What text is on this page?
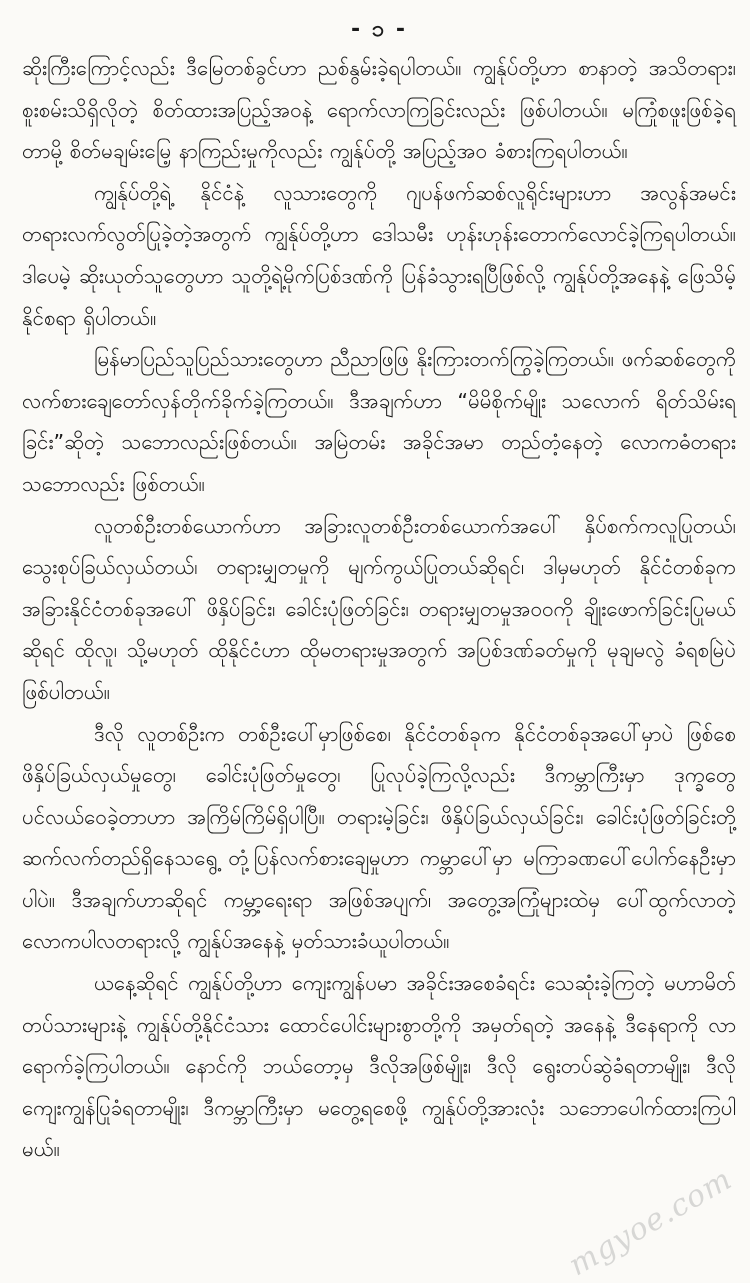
- ၁ -

ဆိုးကြီးကြောင့်လည်း ဒီမြေတစ်ခွင်ဟာ ညစ်နွမ်းခဲ့ရပါတယ်။ ကျွန်ုပ်တို့ဟာ စာနာတဲ့ အသိတရား၊ စူးစမ်းသိရှိလိုတဲ့ စိတ်ထားအပြည့်အဝနဲ့ ရောက်လာကြခြင်းလည်း ဖြစ်ပါတယ်။ မကြုံစဖူးဖြစ်ခဲ့ရတာမို့ စိတ်မချမ်းမြေ့ နာကြည်းမှုကိုလည်း ကျွန်ုပ်တို့ အပြည့်အဝ ခံစားကြရပါတယ်။

ကျွန်ုပ်တို့ရဲ့ နိုင်ငံနဲ့ လူသားတွေကို ဂျပန်ဖက်ဆစ်လူရိုင်းများဟာ အလွန်အမင်း တရားလက်လွတ်ပြုခဲ့တဲ့အတွက် ကျွန်ုပ်တို့ဟာ ဒေါသမီး ဟုန်းဟုန်းတောက်လောင်ခဲ့ကြရပါတယ်။ ဒါပေမဲ့ ဆိုးယုတ်သူတွေဟာ သူတို့ရဲ့မိုက်ပြစ်ဒဏ်ကို ပြန်ခံသွားရပြီဖြစ်လို့ ကျွန်ုပ်တို့အနေနဲ့ ဖြေသိမ့်နိုင်စရာ ရှိပါတယ်။

မြန်မာပြည်သူပြည်သားတွေဟာ ညီညာဖြဖြ နိုးကြားတက်ကြွခဲ့ကြတယ်။ ဖက်ဆစ်တွေကို လက်စားချေတော်လှန်တိုက်ခိုက်ခဲ့ကြတယ်။ ဒီအချက်ဟာ “မိမိစိုက်မျိုး သလောက် ရိတ်သိမ်းရခြင်း”ဆိုတဲ့ သဘောလည်းဖြစ်တယ်။ အမြဲတမ်း အခိုင်အမာ တည်တံ့နေတဲ့ လောကဓံတရားသဘောလည်း ဖြစ်တယ်။

လူတစ်ဦးတစ်ယောက်ဟာ အခြားလူတစ်ဦးတစ်ယောက်အပေါ် နှိပ်စက်ကလူပြုတယ်၊ သွေးစုပ်ခြယ်လှယ်တယ်၊ တရားမျှတမှုကို မျက်ကွယ်ပြုတယ်ဆိုရင်၊ ဒါမှမဟုတ် နိုင်ငံတစ်ခုက အခြားနိုင်ငံတစ်ခုအပေါ် ဖိနှိပ်ခြင်း၊ ခေါင်းပုံဖြတ်ခြင်း၊ တရားမျှတမှုအဝဝကို ချိုးဖောက်ခြင်းပြုမယ်ဆိုရင် ထိုလူ၊ သို့မဟုတ် ထိုနိုင်ငံဟာ ထိုမတရားမှုအတွက် အပြစ်ဒဏ်ခတ်မှုကို မုချမလွဲ ခံရစမြဲပဲ ဖြစ်ပါတယ်။

ဒီလို လူတစ်ဦးက တစ်ဦးပေါ်မှာဖြစ်စေ၊ နိုင်ငံတစ်ခုက နိုင်ငံတစ်ခုအပေါ်မှာပဲ ဖြစ်စေ ဖိနှိပ်ခြယ်လှယ်မှုတွေ၊ ခေါင်းပုံဖြတ်မှုတွေ၊ ပြုလုပ်ခဲ့ကြလို့လည်း ဒီကမ္ဘာကြီးမှာ ဒုက္ခတွေ ပင်လယ်ဝေခဲ့တာဟာ အကြိမ်ကြိမ်ရှိပါပြီ။ တရားမဲ့ခြင်း၊ ဖိနှိပ်ခြယ်လှယ်ခြင်း၊ ခေါင်းပုံဖြတ်ခြင်းတို့ ဆက်လက်တည်ရှိနေသရွေ့ တုံ့ပြန်လက်စားချေမှုဟာ ကမ္ဘာပေါ်မှာ မကြာခဏပေါ်ပေါက်နေဦးမှာပါပဲ။ ဒီအချက်ဟာဆိုရင် ကမ္ဘာ့ရေးရာ အဖြစ်အပျက်၊ အတွေ့အကြုံများထဲမှ ပေါ်ထွက်လာတဲ့ လောကပါလတရားလို့ ကျွန်ုပ်အနေနဲ့ မှတ်သားခံယူပါတယ်။

ယနေ့ဆိုရင် ကျွန်ုပ်တို့ဟာ ကျေးကျွန်ပမာ အခိုင်းအစေခံရင်း သေဆုံးခဲ့ကြတဲ့ မဟာမိတ်တပ်သားများနဲ့ ကျွန်ုပ်တို့နိုင်ငံသား ထောင်ပေါင်းများစွာတို့ကို အမှတ်ရတဲ့ အနေနဲ့ ဒီနေရာကို လာရောက်ခဲ့ကြပါတယ်။ နောင်ကို ဘယ်တော့မှ ဒီလိုအဖြစ်မျိုး၊ ဒီလို ရွေးတပ်ဆွဲခံရတာမျိုး၊ ဒီလို ကျေးကျွန်ပြုခံရတာမျိုး၊ ဒီကမ္ဘာကြီးမှာ မတွေ့ရစေဖို့ ကျွန်ုပ်တို့အားလုံး သဘောပေါက်ထားကြပါမယ်။

mgyoe.com
